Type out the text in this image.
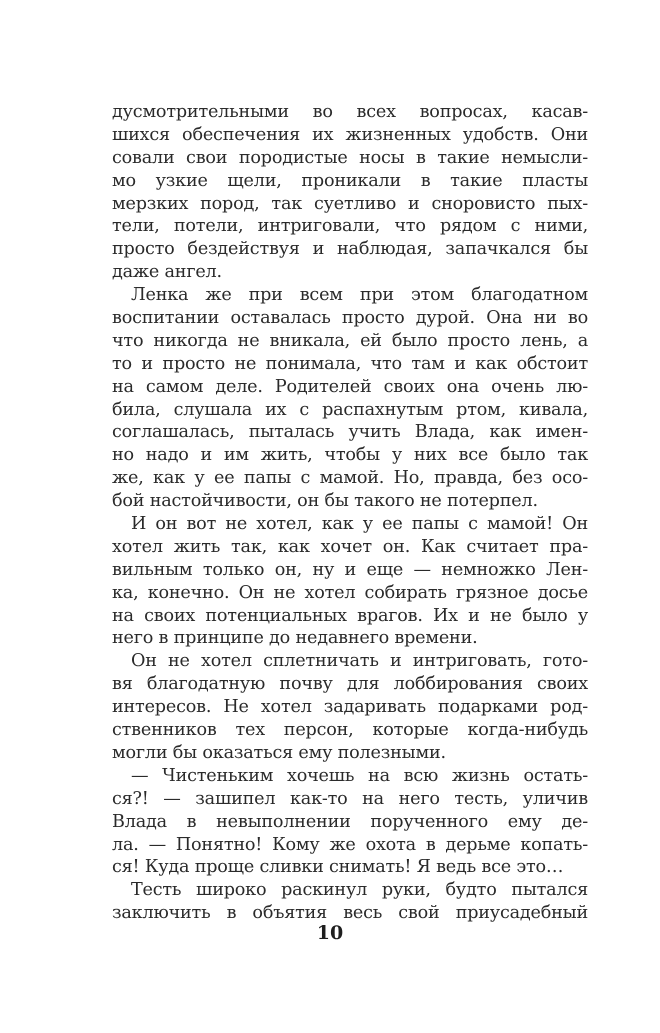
дусмотрительными во всех вопросах, касав-
шихся обеспечения их жизненных удобств. Они
совали свои породистые носы в такие немысли-
мо узкие щели, проникали в такие пласты
мерзких пород, так суетливо и сноровисто пых-
тели, потели, интриговали, что рядом с ними,
просто бездействуя и наблюдая, запачкался бы
даже ангел.
Ленка же при всем при этом благодатном
воспитании оставалась просто дурой. Она ни во
что никогда не вникала, ей было просто лень, а
то и просто не понимала, что там и как обстоит
на самом деле. Родителей своих она очень лю-
била, слушала их с распахнутым ртом, кивала,
соглашалась, пыталась учить Влада, как имен-
но надо и им жить, чтобы у них все было так
же, как у ее папы с мамой. Но, правда, без осо-
бой настойчивости, он бы такого не потерпел.
И он вот не хотел, как у ее папы с мамой! Он
хотел жить так, как хочет он. Как считает пра-
вильным только он, ну и еще — немножко Лен-
ка, конечно. Он не хотел собирать грязное досье
на своих потенциальных врагов. Их и не было у
него в принципе до недавнего времени.
Он не хотел сплетничать и интриговать, гото-
вя благодатную почву для лоббирования своих
интересов. Не хотел задаривать подарками род-
ственников тех персон, которые когда-нибудь
могли бы оказаться ему полезными.
— Чистеньким хочешь на всю жизнь остать-
ся?! — зашипел как-то на него тесть, уличив
Влада в невыполнении порученного ему де-
ла. — Понятно! Кому же охота в дерьме копать-
ся! Куда проще сливки снимать! Я ведь все это…
Тесть широко раскинул руки, будто пытался
заключить в объятия весь свой приусадебный
10
